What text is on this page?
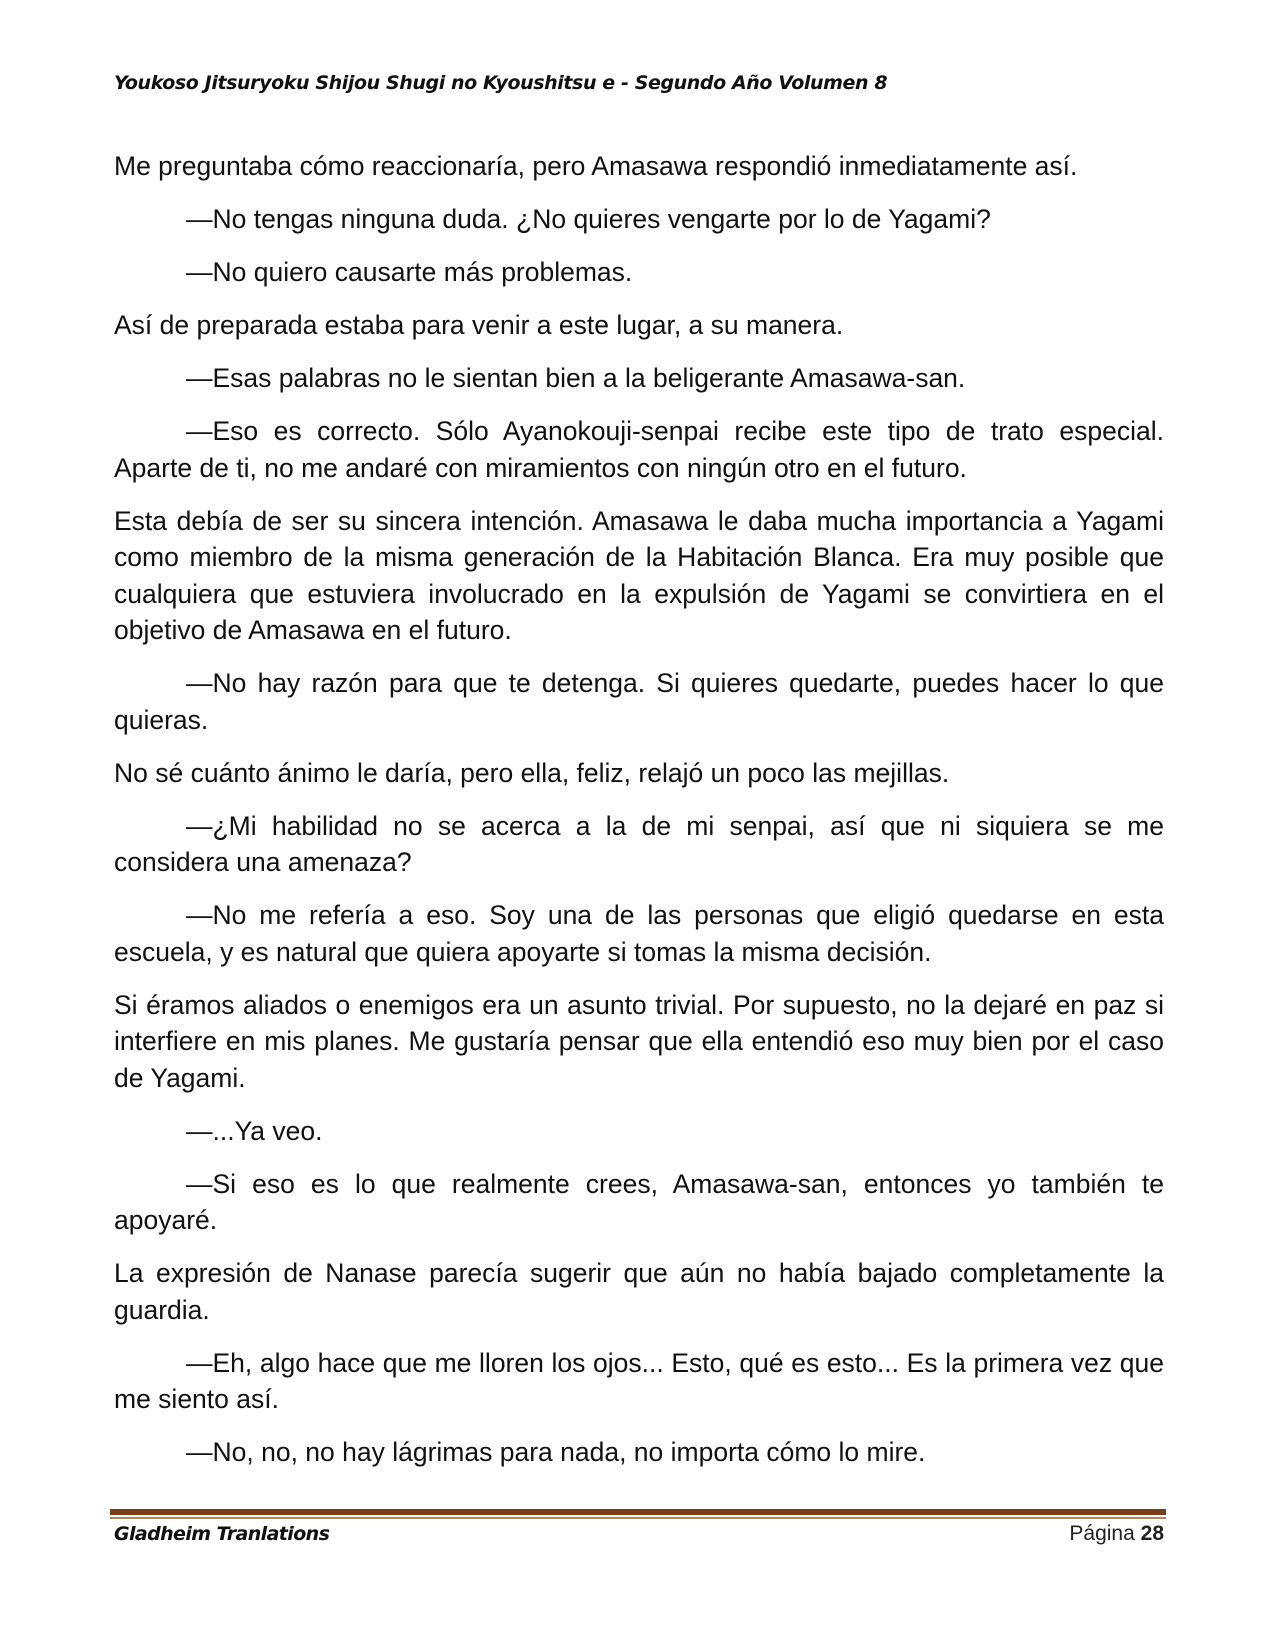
Youkoso Jitsuryoku Shijou Shugi no Kyoushitsu e - Segundo Año Volumen 8

Me preguntaba cómo reaccionaría, pero Amasawa respondió inmediatamente así.

—No tengas ninguna duda. ¿No quieres vengarte por lo de Yagami?

—No quiero causarte más problemas.

Así de preparada estaba para venir a este lugar, a su manera.

—Esas palabras no le sientan bien a la beligerante Amasawa-san.

—Eso es correcto. Sólo Ayanokouji-senpai recibe este tipo de trato especial. Aparte de ti, no me andaré con miramientos con ningún otro en el futuro.

Esta debía de ser su sincera intención. Amasawa le daba mucha importancia a Yagami como miembro de la misma generación de la Habitación Blanca. Era muy posible que cualquiera que estuviera involucrado en la expulsión de Yagami se convirtiera en el objetivo de Amasawa en el futuro.

—No hay razón para que te detenga. Si quieres quedarte, puedes hacer lo que quieras.

No sé cuánto ánimo le daría, pero ella, feliz, relajó un poco las mejillas.

—¿Mi habilidad no se acerca a la de mi senpai, así que ni siquiera se me considera una amenaza?

—No me refería a eso. Soy una de las personas que eligió quedarse en esta escuela, y es natural que quiera apoyarte si tomas la misma decisión.

Si éramos aliados o enemigos era un asunto trivial. Por supuesto, no la dejaré en paz si interfiere en mis planes. Me gustaría pensar que ella entendió eso muy bien por el caso de Yagami.

—...Ya veo.

—Si eso es lo que realmente crees, Amasawa-san, entonces yo también te apoyaré.

La expresión de Nanase parecía sugerir que aún no había bajado completamente la guardia.

—Eh, algo hace que me lloren los ojos... Esto, qué es esto... Es la primera vez que me siento así.

—No, no, no hay lágrimas para nada, no importa cómo lo mire.

Gladheim Tranlations	Página 28
